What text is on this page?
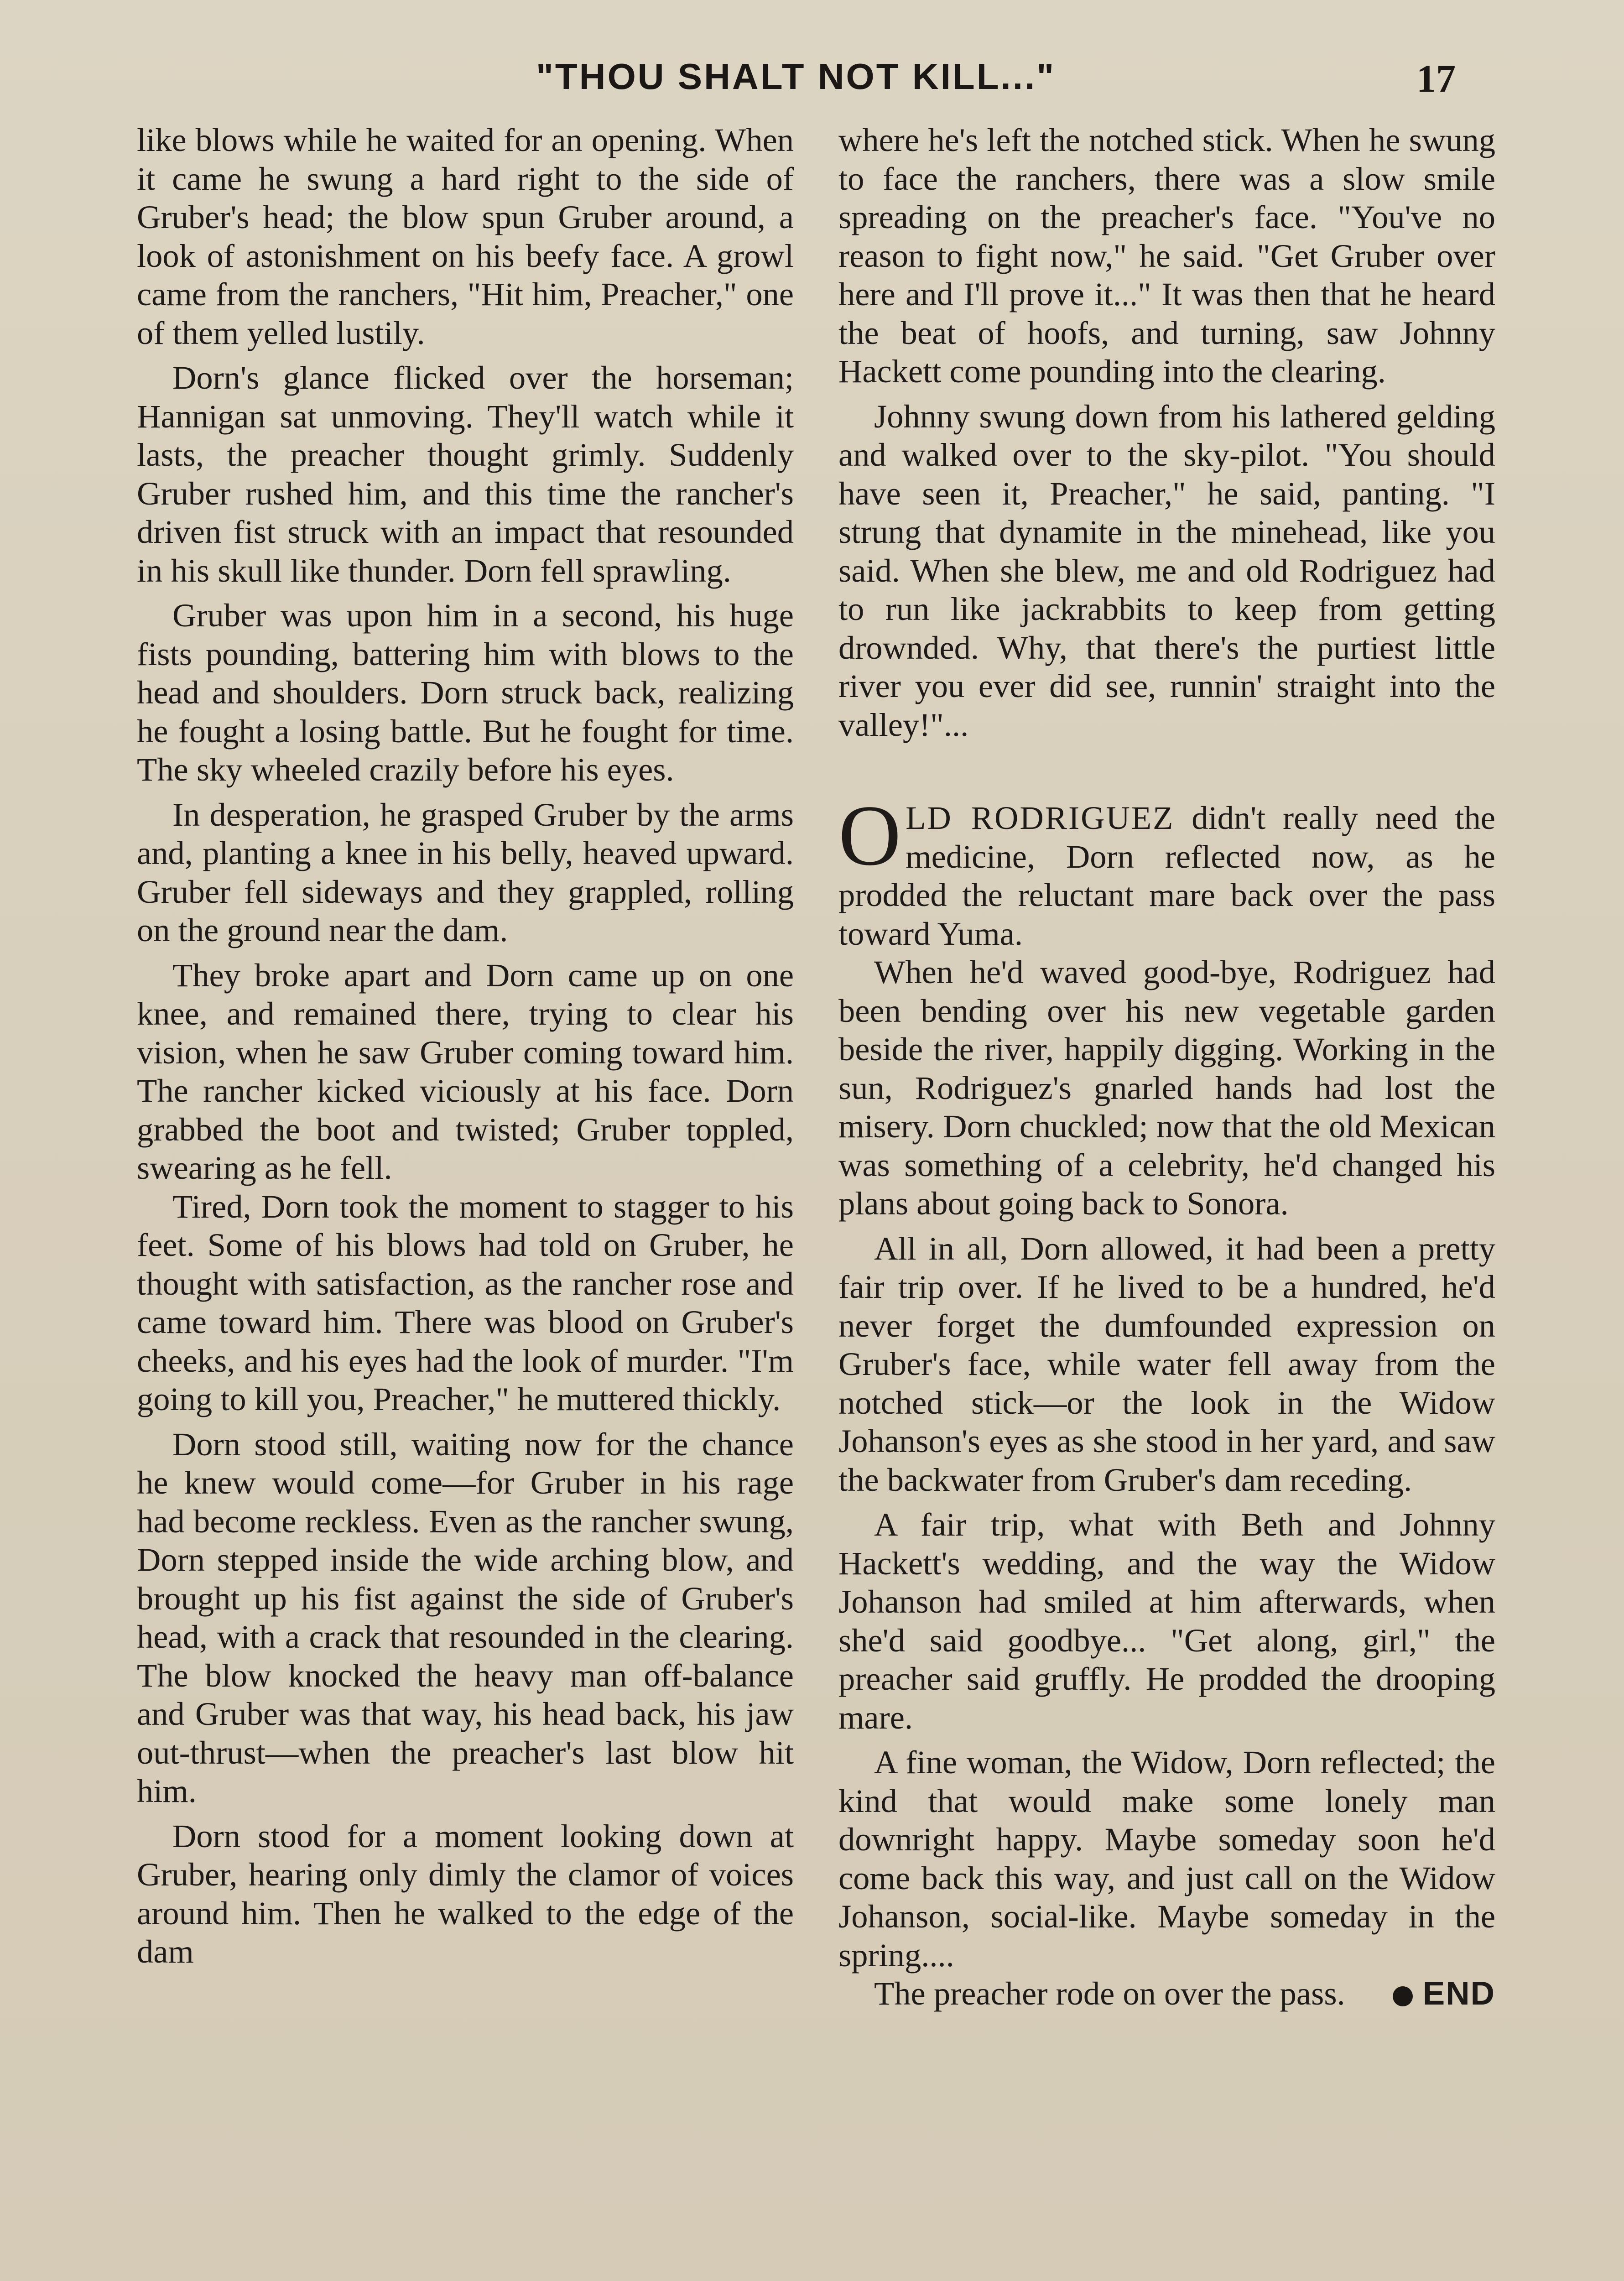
"THOU SHALT NOT KILL..."	17

like blows while he waited for an opening. When it came he swung a hard right to the side of Gruber's head; the blow spun Gruber around, a look of astonishment on his beefy face. A growl came from the ranchers, "Hit him, Preacher," one of them yelled lustily.

Dorn's glance flicked over the horseman; Hannigan sat unmoving. They'll watch while it lasts, the preacher thought grimly. Suddenly Gruber rushed him, and this time the rancher's driven fist struck with an impact that resounded in his skull like thunder. Dorn fell sprawling.

Gruber was upon him in a second, his huge fists pounding, battering him with blows to the head and shoulders. Dorn struck back, realizing he fought a losing battle. But he fought for time. The sky wheeled crazily before his eyes.

In desperation, he grasped Gruber by the arms and, planting a knee in his belly, heaved upward. Gruber fell sideways and they grappled, rolling on the ground near the dam.

They broke apart and Dorn came up on one knee, and remained there, trying to clear his vision, when he saw Gruber coming toward him. The rancher kicked viciously at his face. Dorn grabbed the boot and twisted; Gruber toppled, swearing as he fell.

Tired, Dorn took the moment to stagger to his feet. Some of his blows had told on Gruber, he thought with satisfaction, as the rancher rose and came toward him. There was blood on Gruber's cheeks, and his eyes had the look of murder. "I'm going to kill you, Preacher," he muttered thickly.

Dorn stood still, waiting now for the chance he knew would come—for Gruber in his rage had become reckless. Even as the rancher swung, Dorn stepped inside the wide arching blow, and brought up his fist against the side of Gruber's head, with a crack that resounded in the clearing. The blow knocked the heavy man off-balance and Gruber was that way, his head back, his jaw out-thrust—when the preacher's last blow hit him.

Dorn stood for a moment looking down at Gruber, hearing only dimly the clamor of voices around him. Then he walked to the edge of the dam

where he's left the notched stick. When he swung to face the ranchers, there was a slow smile spreading on the preacher's face. "You've no reason to fight now," he said. "Get Gruber over here and I'll prove it..." It was then that he heard the beat of hoofs, and turning, saw Johnny Hackett come pounding into the clearing.

Johnny swung down from his lathered gelding and walked over to the sky-pilot. "You should have seen it, Preacher," he said, panting. "I strung that dynamite in the minehead, like you said. When she blew, me and old Rodriguez had to run like jackrabbits to keep from getting drownded. Why, that there's the purtiest little river you ever did see, runnin' straight into the valley!"...

OLD RODRIGUEZ didn't really need the medicine, Dorn reflected now, as he prodded the reluctant mare back over the pass toward Yuma.

When he'd waved good-bye, Rodriguez had been bending over his new vegetable garden beside the river, happily digging. Working in the sun, Rodriguez's gnarled hands had lost the misery. Dorn chuckled; now that the old Mexican was something of a celebrity, he'd changed his plans about going back to Sonora.

All in all, Dorn allowed, it had been a pretty fair trip over. If he lived to be a hundred, he'd never forget the dumfounded expression on Gruber's face, while water fell away from the notched stick—or the look in the Widow Johanson's eyes as she stood in her yard, and saw the backwater from Gruber's dam receding.

A fair trip, what with Beth and Johnny Hackett's wedding, and the way the Widow Johanson had smiled at him afterwards, when she'd said goodbye... "Get along, girl," the preacher said gruffly. He prodded the drooping mare.

A fine woman, the Widow, Dorn reflected; the kind that would make some lonely man downright happy. Maybe someday soon he'd come back this way, and just call on the Widow Johanson, social-like. Maybe someday in the spring....

The preacher rode on over the pass.	END
